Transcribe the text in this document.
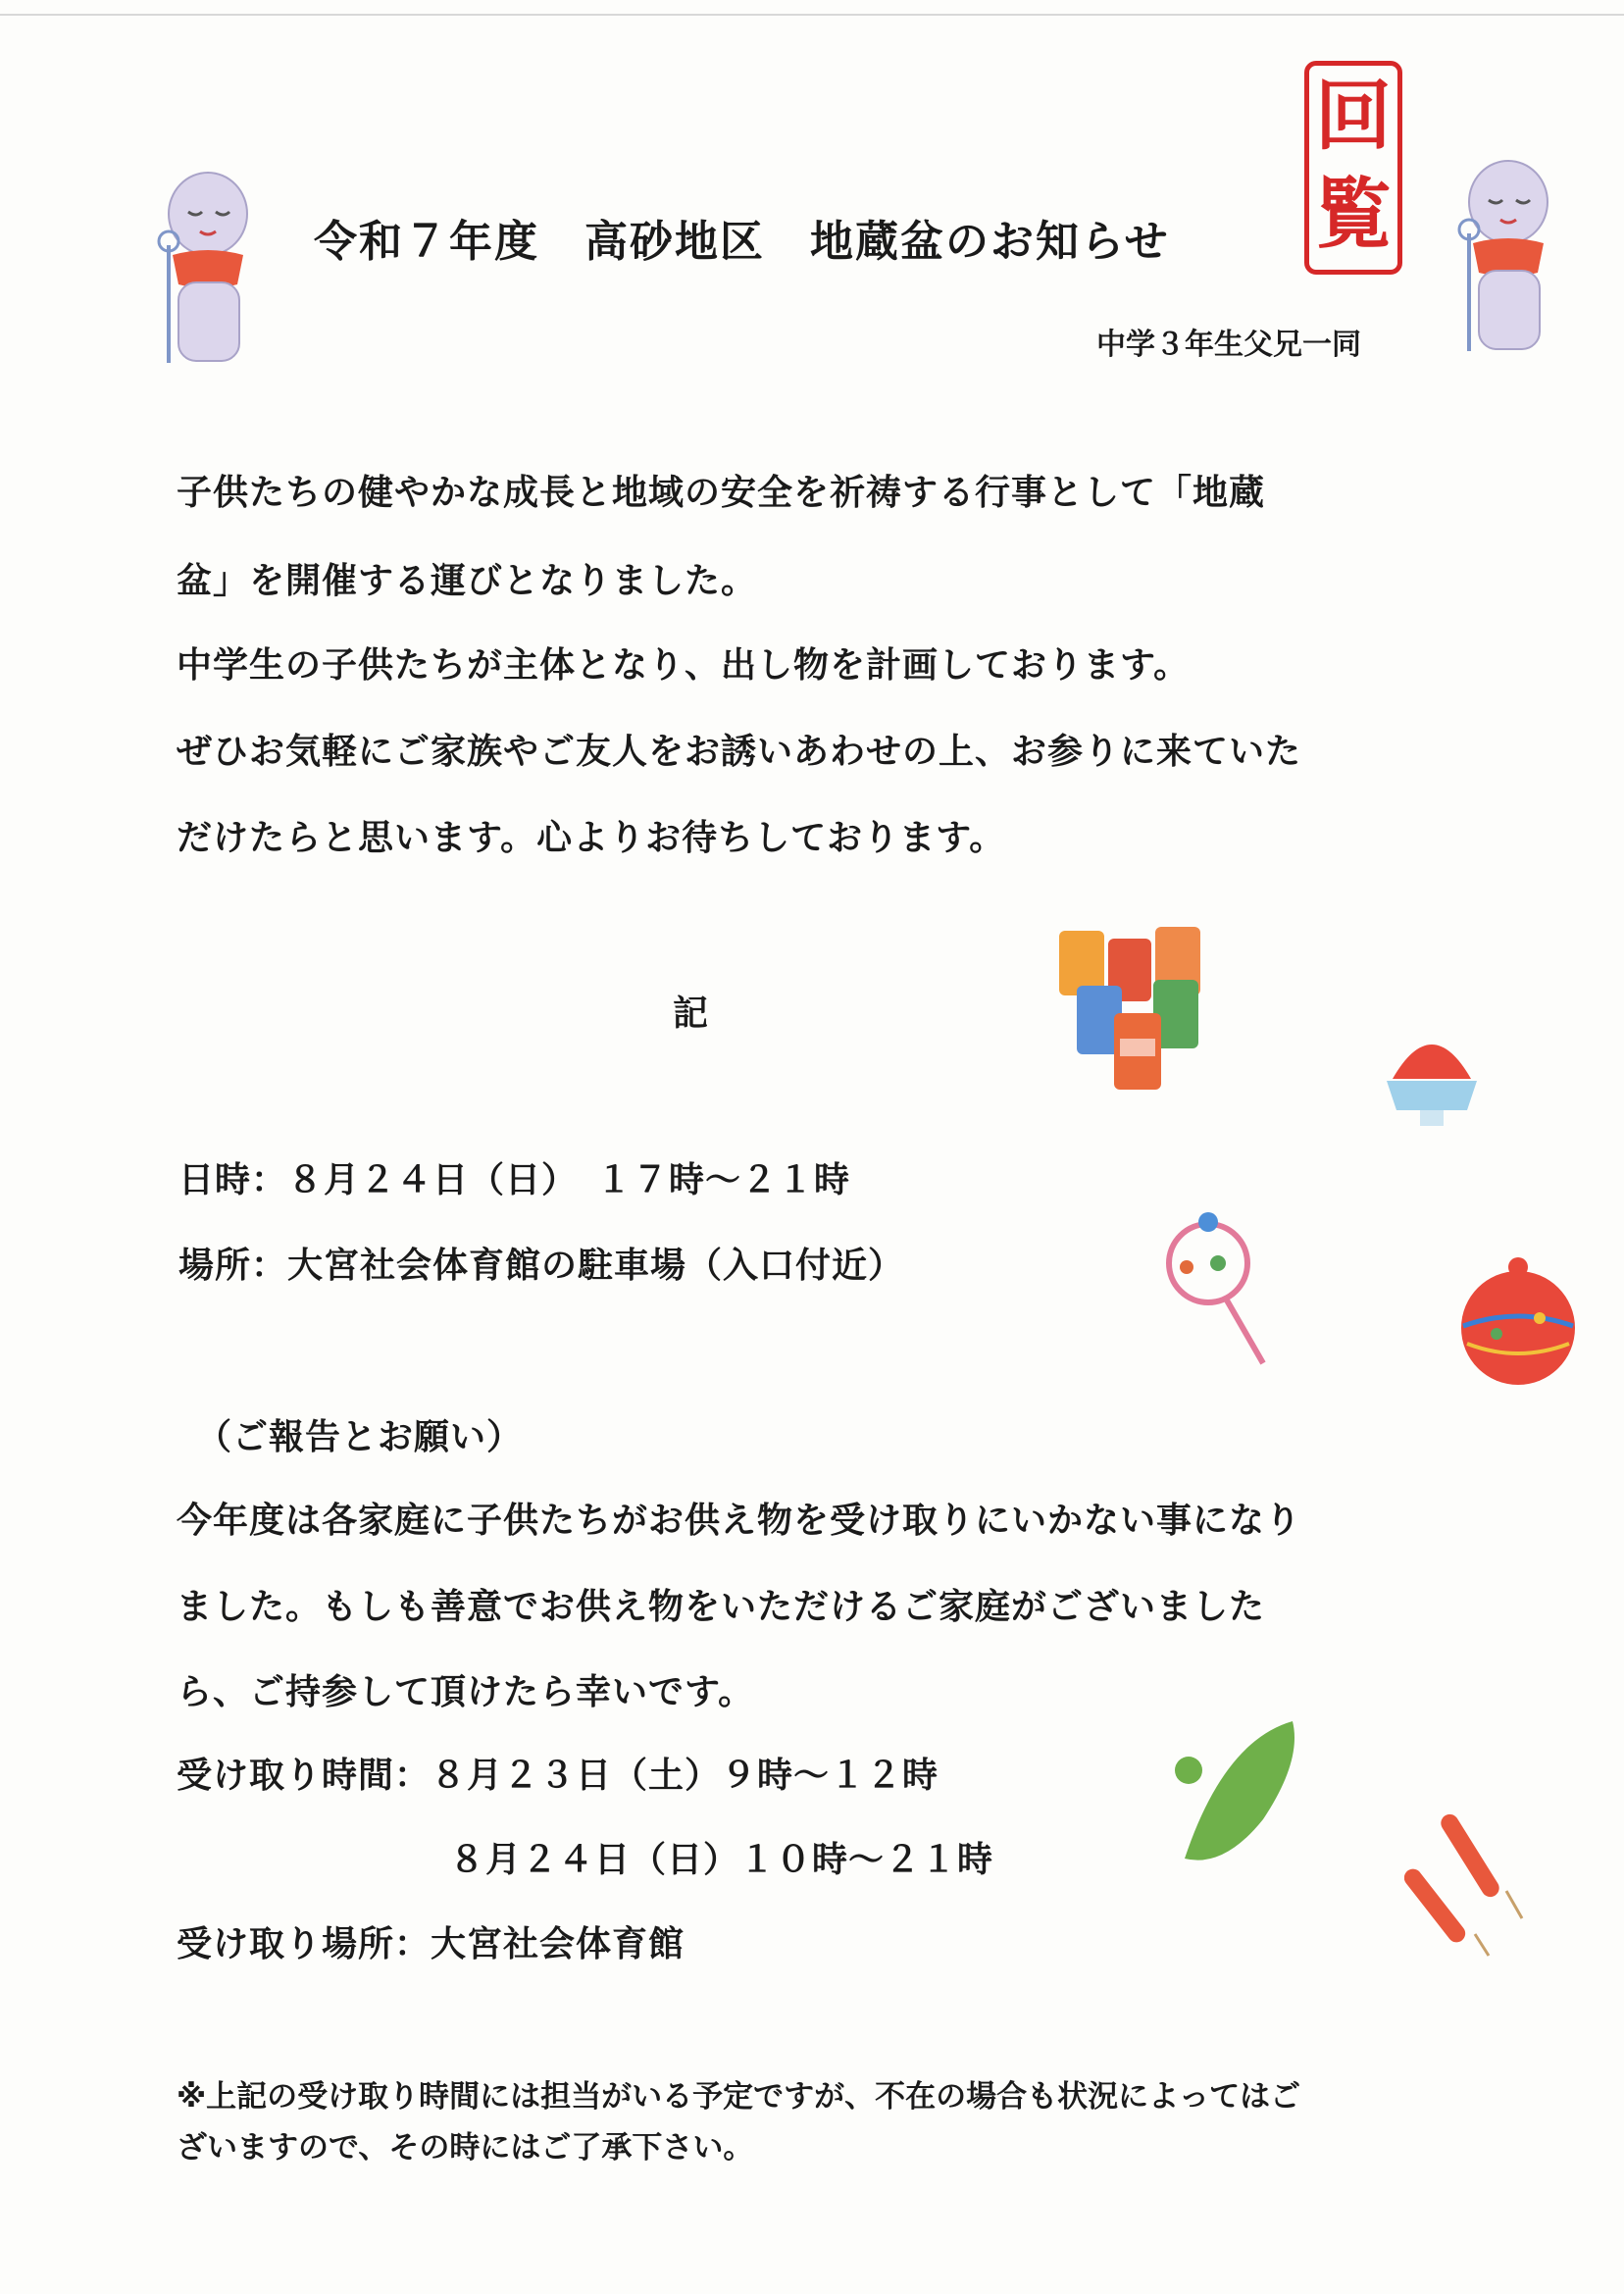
令和７年度　高砂地区　地蔵盆のお知らせ
回
覧
中学３年生父兄一同
子供たちの健やかな成長と地域の安全を祈祷する行事として「地蔵
盆」を開催する運びとなりました。
中学生の子供たちが主体となり、出し物を計画しております。
ぜひお気軽にご家族やご友人をお誘いあわせの上、お参りに来ていた
だけたらと思います。心よりお待ちしております。
記
日時：８月２４日（日）　１７時～２１時
場所：大宮社会体育館の駐車場（入口付近）
（ご報告とお願い）
今年度は各家庭に子供たちがお供え物を受け取りにいかない事になり
ました。もしも善意でお供え物をいただけるご家庭がございました
ら、ご持参して頂けたら幸いです。
受け取り時間：８月２３日（土）９時～１２時
８月２４日（日）１０時～２１時
受け取り場所：大宮社会体育館
※上記の受け取り時間には担当がいる予定ですが、不在の場合も状況によってはご
ざいますので、その時にはご了承下さい。
